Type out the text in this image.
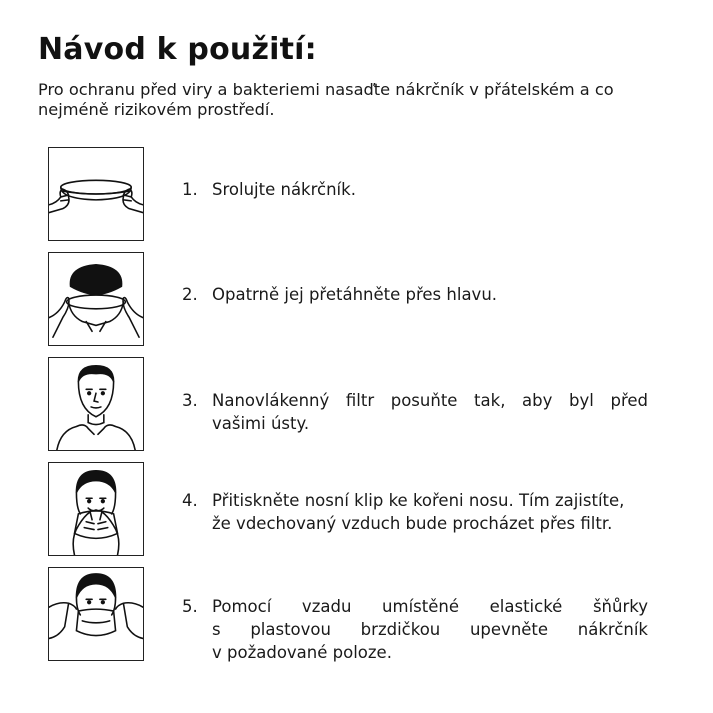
Návod k použití:

Pro ochranu před viry a bakteriemi nasaďte nákrčník v přátelském a co nejméně rizikovém prostředí.

1. Srolujte nákrčník.
2. Opatrně jej přetáhněte přes hlavu.
3. Nanovlákenný filtr posuňte tak, aby byl před
vašimi ústy.
4. Přitiskněte nosní klip ke kořeni nosu. Tím zajistíte,
že vdechovaný vzduch bude procházet přes filtr.
5. Pomocí vzadu umístěné elastické šňůrky
s plastovou brzdičkou upevněte nákrčník
v požadované poloze.
